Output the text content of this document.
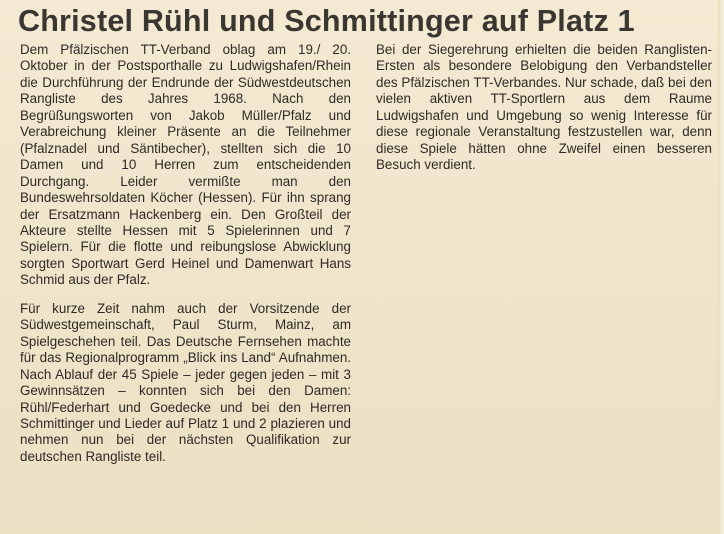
Christel Rühl und Schmittinger auf Platz 1

Dem Pfälzischen TT-Verband oblag am 19./ 20. Oktober in der Postsporthalle zu Ludwigshafen/Rhein die Durchführung der Endrunde der Südwestdeutschen Rangliste des Jahres 1968. Nach den Begrüßungsworten von Jakob Müller/Pfalz und Verabreichung kleiner Präsente an die Teilnehmer (Pfalznadel und Säntibecher), stellten sich die 10 Damen und 10 Herren zum entscheidenden Durchgang. Leider vermißte man den Bundeswehrsoldaten Köcher (Hessen). Für ihn sprang der Ersatzmann Hackenberg ein. Den Großteil der Akteure stellte Hessen mit 5 Spielerinnen und 7 Spielern. Für die flotte und reibungslose Abwicklung sorgten Sportwart Gerd Heinel und Damenwart Hans Schmid aus der Pfalz.

Für kurze Zeit nahm auch der Vorsitzende der Südwestgemeinschaft, Paul Sturm, Mainz, am Spielgeschehen teil. Das Deutsche Fernsehen machte für das Regionalprogramm „Blick ins Land“ Aufnahmen. Nach Ablauf der 45 Spiele – jeder gegen jeden – mit 3 Gewinnsätzen – konnten sich bei den Damen: Rühl/Federhart und Goedecke und bei den Herren Schmittinger und Lieder auf Platz 1 und 2 plazieren und nehmen nun bei der nächsten Qualifikation zur deutschen Rangliste teil.

Bei der Siegerehrung erhielten die beiden Ranglisten-Ersten als besondere Belobigung den Verbandsteller des Pfälzischen TT-Verbandes. Nur schade, daß bei den vielen aktiven TT-Sportlern aus dem Raume Ludwigshafen und Umgebung so wenig Interesse für diese regionale Veranstaltung festzustellen war, denn diese Spiele hätten ohne Zweifel einen besseren Besuch verdient.
